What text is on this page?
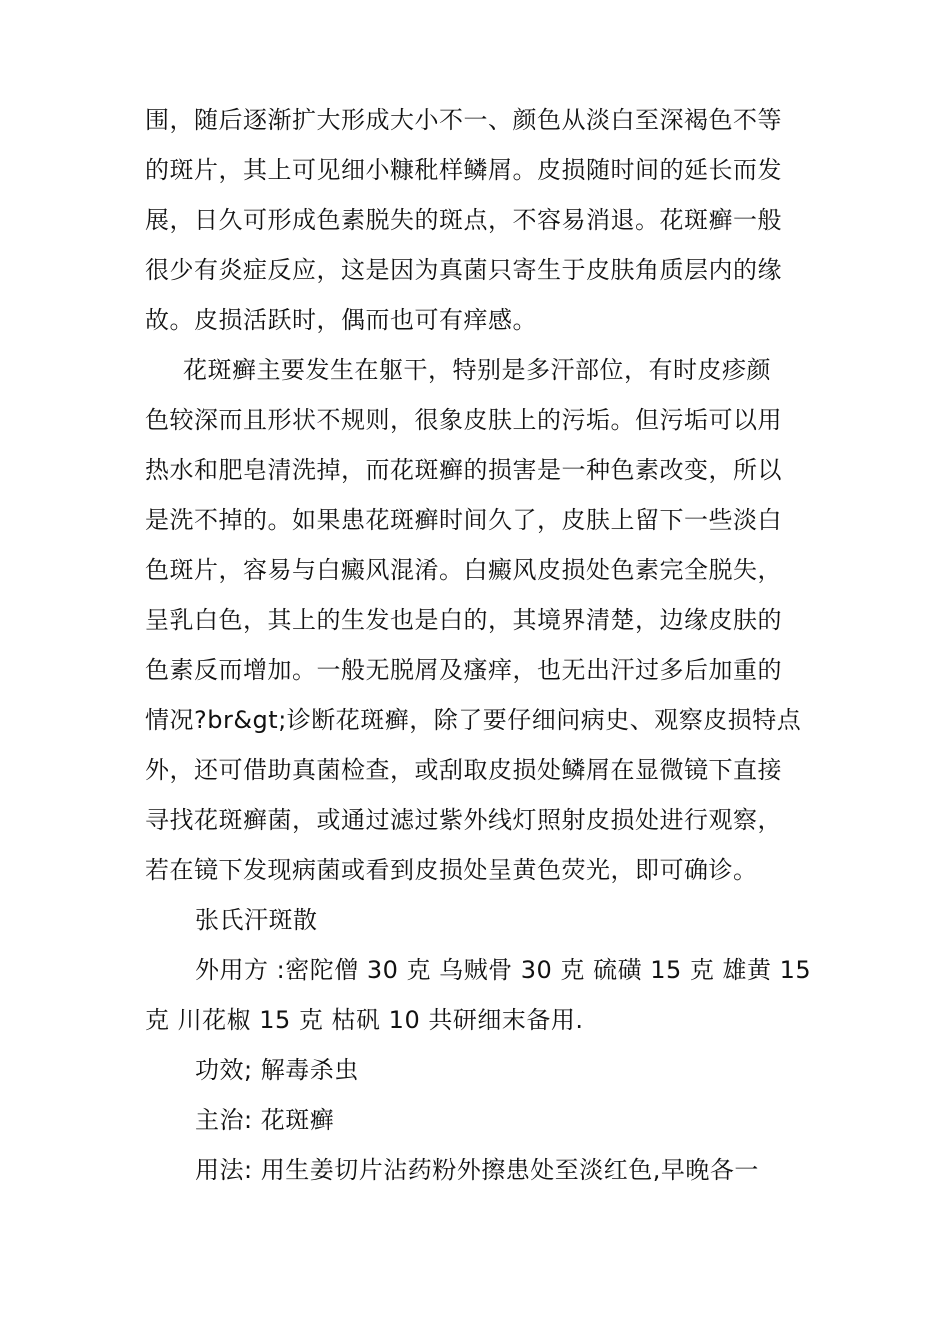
围，随后逐渐扩大形成大小不一、颜色从淡白至深褐色不等
的斑片，其上可见细小糠秕样鳞屑。皮损随时间的延长而发
展，日久可形成色素脱失的斑点，不容易消退。花斑癣一般
很少有炎症反应，这是因为真菌只寄生于皮肤角质层内的缘
故。皮损活跃时，偶而也可有痒感。

花斑癣主要发生在躯干，特别是多汗部位，有时皮疹颜
色较深而且形状不规则，很象皮肤上的污垢。但污垢可以用
热水和肥皂清洗掉，而花斑癣的损害是一种色素改变，所以
是洗不掉的。如果患花斑癣时间久了，皮肤上留下一些淡白
色斑片，容易与白癜风混淆。白癜风皮损处色素完全脱失，
呈乳白色，其上的生发也是白的，其境界清楚，边缘皮肤的
色素反而增加。一般无脱屑及瘙痒，也无出汗过多后加重的
情况?br&gt;诊断花斑癣，除了要仔细问病史、观察皮损特点
外，还可借助真菌检查，或刮取皮损处鳞屑在显微镜下直接
寻找花斑癣菌，或通过滤过紫外线灯照射皮损处进行观察，
若在镜下发现病菌或看到皮损处呈黄色荧光，即可确诊。

张氏汗斑散

外用方 :密陀僧 30 克 乌贼骨 30 克 硫磺 15 克 雄黄 15
克 川花椒 15 克 枯矾 10 共研细末备用.

功效; 解毒杀虫

主治: 花斑癣

用法: 用生姜切片沾药粉外擦患处至淡红色,早晚各一
